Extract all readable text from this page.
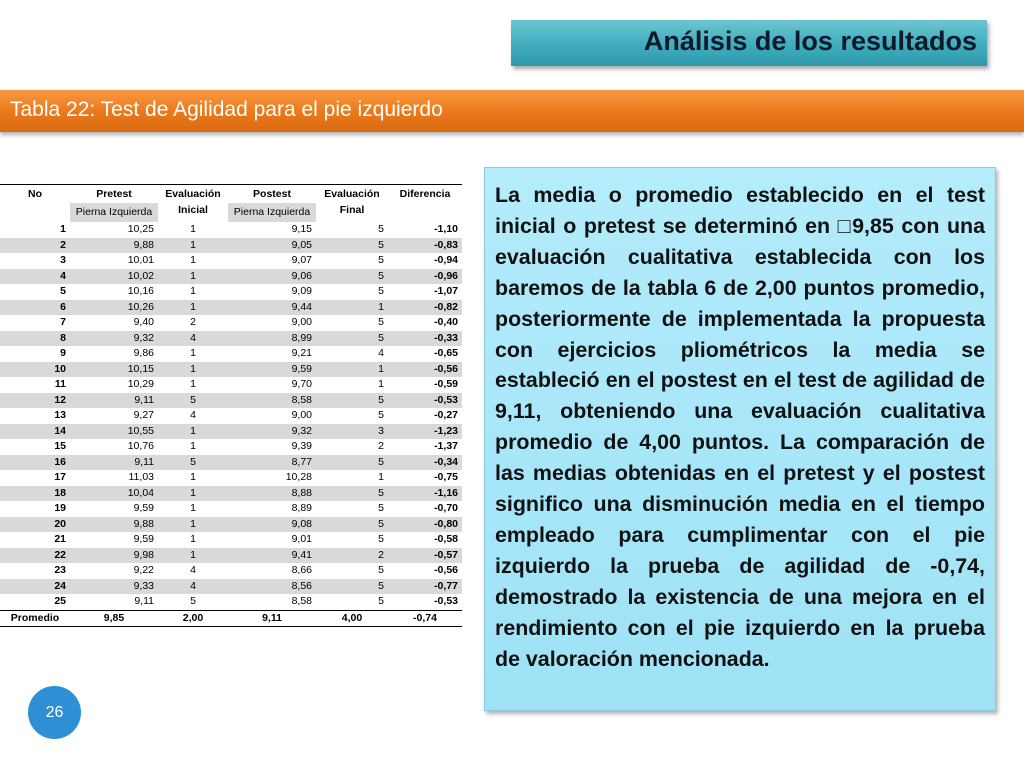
Análisis de los resultados
Tabla 22: Test de Agilidad para el pie izquierdo
No	Pretest	Evaluación Inicial	Postest	Evaluación Final	Diferencia
	Pierna Izquierda		Pierna Izquierda		
1	10,25	1	9,15	5	-1,10
2	9,88	1	9,05	5	-0,83
3	10,01	1	9,07	5	-0,94
4	10,02	1	9,06	5	-0,96
5	10,16	1	9,09	5	-1,07
6	10,26	1	9,44	1	-0,82
7	9,40	2	9,00	5	-0,40
8	9,32	4	8,99	5	-0,33
9	9,86	1	9,21	4	-0,65
10	10,15	1	9,59	1	-0,56
11	10,29	1	9,70	1	-0,59
12	9,11	5	8,58	5	-0,53
13	9,27	4	9,00	5	-0,27
14	10,55	1	9,32	3	-1,23
15	10,76	1	9,39	2	-1,37
16	9,11	5	8,77	5	-0,34
17	11,03	1	10,28	1	-0,75
18	10,04	1	8,88	5	-1,16
19	9,59	1	8,89	5	-0,70
20	9,88	1	9,08	5	-0,80
21	9,59	1	9,01	5	-0,58
22	9,98	1	9,41	2	-0,57
23	9,22	4	8,66	5	-0,56
24	9,33	4	8,56	5	-0,77
25	9,11	5	8,58	5	-0,53
Promedio	9,85	2,00	9,11	4,00	-0,74

La media o promedio establecido en el test inicial o pretest se determinó en □9,85 con una evaluación cualitativa establecida con los baremos de la tabla 6 de 2,00 puntos promedio, posteriormente de implementada la propuesta con ejercicios pliométricos la media se estableció en el postest en el test de agilidad de 9,11, obteniendo una evaluación cualitativa promedio de 4,00 puntos. La comparación de las medias obtenidas en el pretest y el postest significo una disminución media en el tiempo empleado para cumplimentar con el pie izquierdo la prueba de agilidad de -0,74, demostrado la existencia de una mejora en el rendimiento con el pie izquierdo en la prueba de valoración mencionada.

26
